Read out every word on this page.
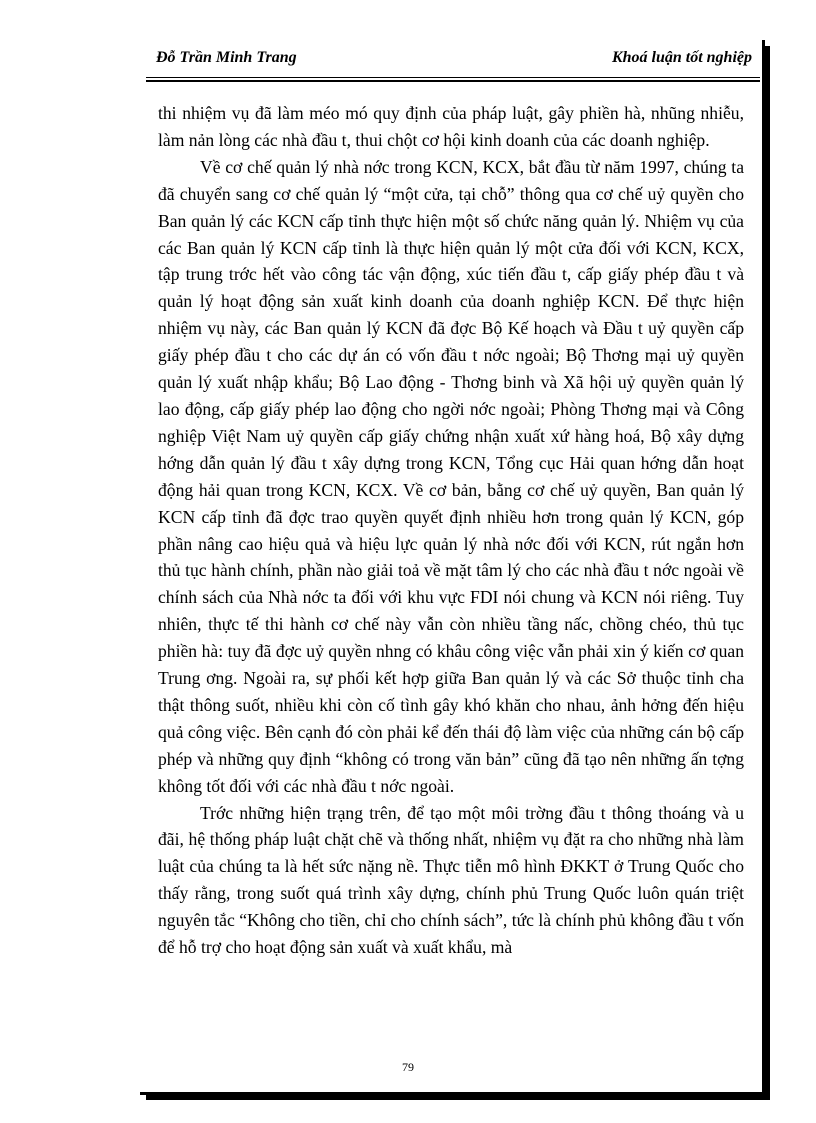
Đỗ Trần Minh Trang	Khoá luận tốt nghiệp

thi nhiệm vụ đã làm méo mó quy định của pháp luật, gây phiền hà, nhũng nhiễu, làm nản lòng các nhà đầu t, thui chột cơ hội kinh doanh của các doanh nghiệp.

Về cơ chế quản lý nhà nớc trong KCN, KCX, bắt đầu từ năm 1997, chúng ta đã chuyển sang cơ chế quản lý “một cửa, tại chỗ” thông qua cơ chế uỷ quyền cho Ban quản lý các KCN cấp tỉnh thực hiện một số chức năng quản lý. Nhiệm vụ của các Ban quản lý KCN cấp tỉnh là thực hiện quản lý một cửa đối với KCN, KCX, tập trung trớc hết vào công tác vận động, xúc tiến đầu t, cấp giấy phép đầu t và quản lý hoạt động sản xuất kinh doanh của doanh nghiệp KCN. Để thực hiện nhiệm vụ này, các Ban quản lý KCN đã đợc Bộ Kế hoạch và Đầu t uỷ quyền cấp giấy phép đầu t cho các dự án có vốn đầu t nớc ngoài; Bộ Thơng mại uỷ quyền quản lý xuất nhập khẩu; Bộ Lao động - Thơng binh và Xã hội uỷ quyền quản lý lao động, cấp giấy phép lao động cho ngời nớc ngoài; Phòng Thơng mại và Công nghiệp Việt Nam uỷ quyền cấp giấy chứng nhận xuất xứ hàng hoá, Bộ xây dựng hớng dẫn quản lý đầu t xây dựng trong KCN, Tổng cục Hải quan hớng dẫn hoạt động hải quan trong KCN, KCX. Về cơ bản, bằng cơ chế uỷ quyền, Ban quản lý KCN cấp tỉnh đã đợc trao quyền quyết định nhiều hơn trong quản lý KCN, góp phần nâng cao hiệu quả và hiệu lực quản lý nhà nớc đối với KCN, rút ngắn hơn thủ tục hành chính, phần nào giải toả về mặt tâm lý cho các nhà đầu t nớc ngoài về chính sách của Nhà nớc ta đối với khu vực FDI nói chung và KCN nói riêng. Tuy nhiên, thực tế thi hành cơ chế này vẫn còn nhiều tầng nấc, chồng chéo, thủ tục phiền hà: tuy đã đợc uỷ quyền nhng có khâu công việc vẫn phải xin ý kiến cơ quan Trung ơng. Ngoài ra, sự phối kết hợp giữa Ban quản lý và các Sở thuộc tỉnh cha thật thông suốt, nhiều khi còn cố tình gây khó khăn cho nhau, ảnh hởng đến hiệu quả công việc. Bên cạnh đó còn phải kể đến thái độ làm việc của những cán bộ cấp phép và những quy định “không có trong văn bản” cũng đã tạo nên những ấn tợng không tốt đối với các nhà đầu t nớc ngoài.

Trớc những hiện trạng trên, để tạo một môi trờng đầu t thông thoáng và u đãi, hệ thống pháp luật chặt chẽ và thống nhất, nhiệm vụ đặt ra cho những nhà làm luật của chúng ta là hết sức nặng nề. Thực tiễn mô hình ĐKKT ở Trung Quốc cho thấy rằng, trong suốt quá trình xây dựng, chính phủ Trung Quốc luôn quán triệt nguyên tắc “Không cho tiền, chỉ cho chính sách”, tức là chính phủ không đầu t vốn để hỗ trợ cho hoạt động sản xuất và xuất khẩu, mà

79
